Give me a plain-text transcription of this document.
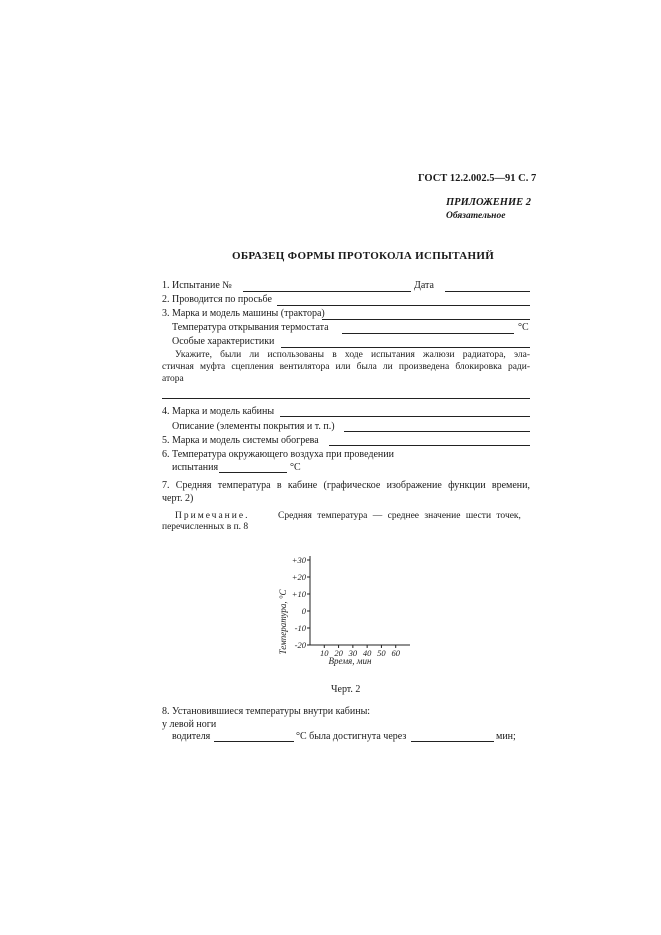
ГОСТ 12.2.002.5—91 С. 7
ПРИЛОЖЕНИЕ 2
Обязательное
ОБРАЗЕЦ ФОРМЫ ПРОТОКОЛА ИСПЫТАНИЙ
1. Испытание №	Дата
2. Проводится по просьбе
3. Марка и модель машины (трактора)
Температура открывания термостата	°С
Особые характеристики
Укажите, были ли использованы в ходе испытания жалюзи радиатора, эла-
стичная муфта сцепления вентилятора или была ли произведена блокировка ради-
атора
4. Марка и модель кабины
Описание (элементы покрытия и т. п.)
5. Марка и модель системы обогрева
6. Температура окружающего воздуха при проведении
испытания	°С
7. Средняя температура в кабине (графическое изображение функции времени,
черт. 2)
Примечание.	Средняя температура — среднее значение шести точек,
перечисленных в п. 8
+30
+20
+10
0
-10
-20
10 20 30 40 50 60
Температура, °С
Время, мин
Черт. 2
8. Установившиеся температуры внутри кабины:
у левой ноги
водителя	°С была достигнута через	мин;
